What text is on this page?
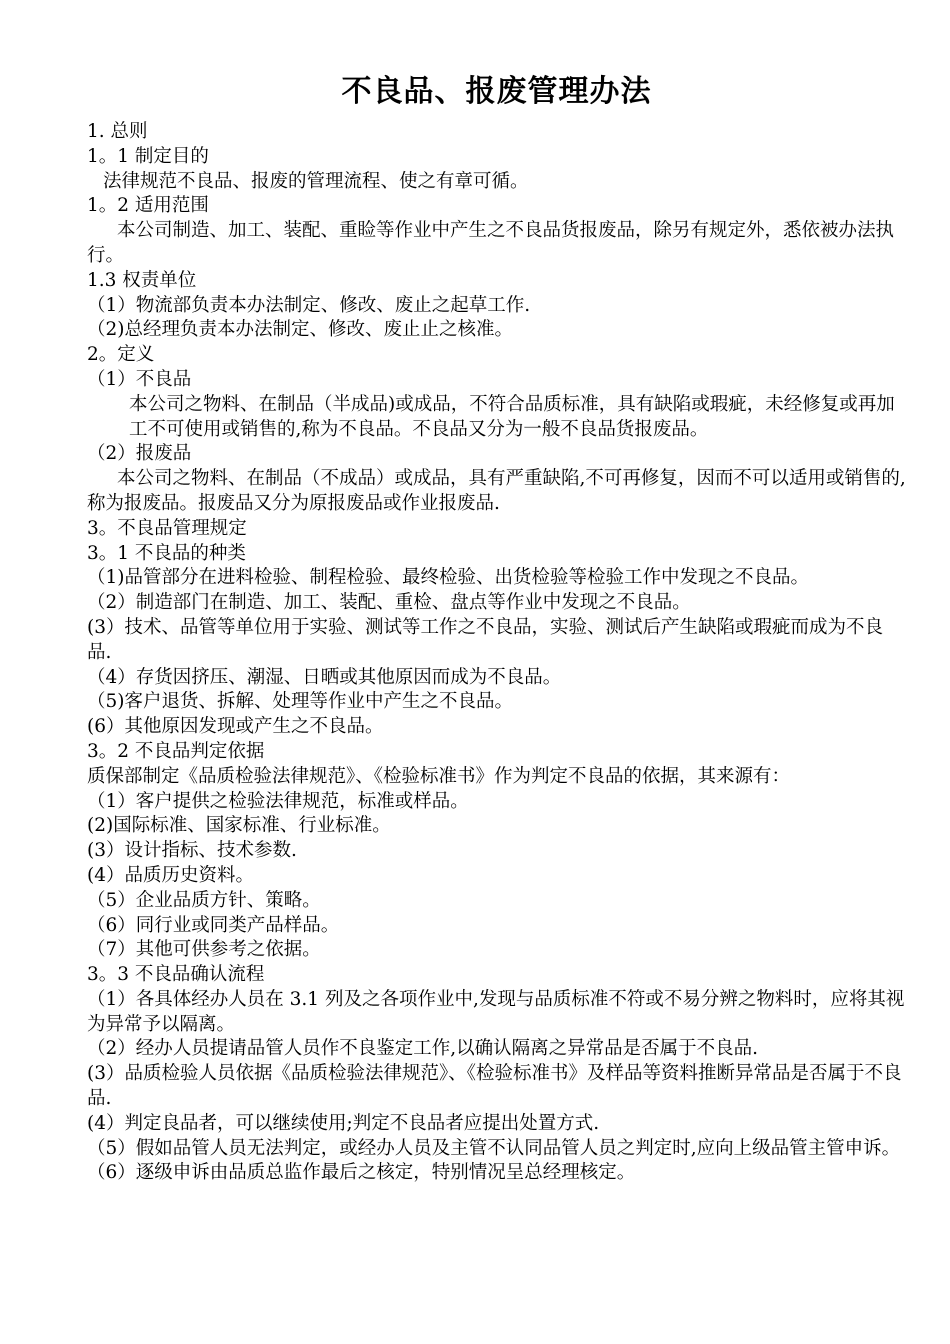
不良品、报废管理办法

1. 总则

1。1 制定目的

法律规范不良品、报废的管理流程、使之有章可循。

1。2 适用范围

本公司制造、加工、装配、重睑等作业中产生之不良品货报废品，除另有规定外，悉依被办法执行。

1.3 权责单位

（1）物流部负责本办法制定、修改、废止之起草工作.

（2)总经理负责本办法制定、修改、废止止之核准。

2。定义

（1）不良品

本公司之物料、在制品（半成品)或成品，不符合品质标准，具有缺陷或瑕疵，未经修复或再加工不可使用或销售的,称为不良品。不良品又分为一般不良品货报废品。

（2）报废品

本公司之物料、在制品（不成品）或成品，具有严重缺陷,不可再修复，因而不可以适用或销售的,称为报废品。报废品又分为原报废品或作业报废品.

3。不良品管理规定

3。1 不良品的种类

（1)品管部分在进料检验、制程检验、最终检验、出货检验等检验工作中发现之不良品。

（2）制造部门在制造、加工、装配、重检、盘点等作业中发现之不良品。

(3）技术、品管等单位用于实验、测试等工作之不良品，实验、测试后产生缺陷或瑕疵而成为不良品.

（4）存货因挤压、潮湿、日晒或其他原因而成为不良品。

（5)客户退货、拆解、处理等作业中产生之不良品。

(6）其他原因发现或产生之不良品。

3。2 不良品判定依据

质保部制定《品质检验法律规范》、《检验标准书》作为判定不良品的依据，其来源有：

（1）客户提供之检验法律规范，标准或样品。

(2)国际标准、国家标准、行业标准。

(3）设计指标、技术参数.

(4）品质历史资料。

（5）企业品质方针、策略。

（6）同行业或同类产品样品。

（7）其他可供参考之依据。

3。3 不良品确认流程

（1）各具体经办人员在 3.1 列及之各项作业中,发现与品质标准不符或不易分辨之物料时，应将其视为异常予以隔离。

（2）经办人员提请品管人员作不良鉴定工作,以确认隔离之异常品是否属于不良品.

(3）品质检验人员依据《品质检验法律规范》、《检验标准书》及样品等资料推断异常品是否属于不良品.

(4）判定良品者，可以继续使用;判定不良品者应提出处置方式.

（5）假如品管人员无法判定，或经办人员及主管不认同品管人员之判定时,应向上级品管主管申诉。

（6）逐级申诉由品质总监作最后之核定，特别情况呈总经理核定。
